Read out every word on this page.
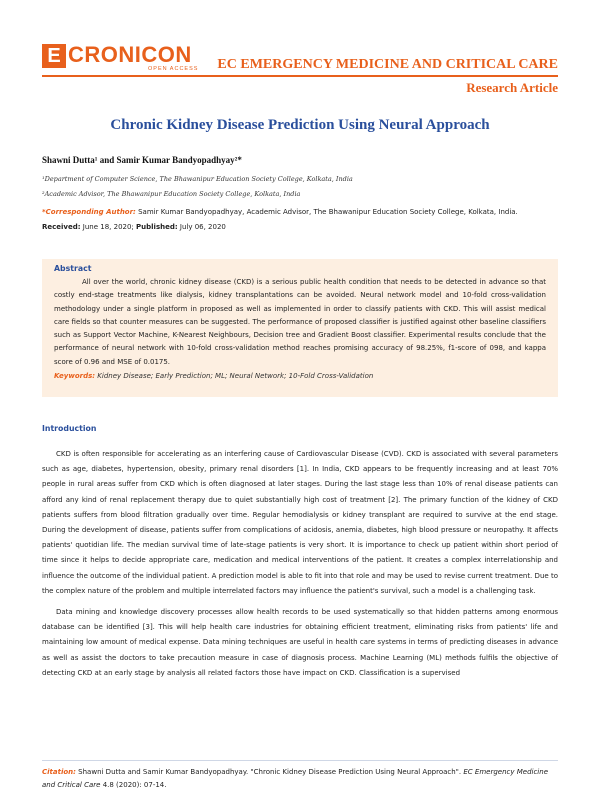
E CRONICON
OPEN ACCESS EC EMERGENCY MEDICINE AND CRITICAL CARE
Research Article
Chronic Kidney Disease Prediction Using Neural Approach
Shawni Dutta¹ and Samir Kumar Bandyopadhyay²*
¹Department of Computer Science, The Bhawanipur Education Society College, Kolkata, India
²Academic Advisor, The Bhawanipur Education Society College, Kolkata, India
*Corresponding Author: Samir Kumar Bandyopadhyay, Academic Advisor, The Bhawanipur Education Society College, Kolkata, India.
Received: June 18, 2020; Published: July 06, 2020
Abstract
All over the world, chronic kidney disease (CKD) is a serious public health condition that needs to be detected in advance so that costly end-stage treatments like dialysis, kidney transplantations can be avoided. Neural network model and 10-fold cross-validation methodology under a single platform in proposed as well as implemented in order to classify patients with CKD. This will assist medical care fields so that counter measures can be suggested. The performance of proposed classifier is justified against other baseline classifiers such as Support Vector Machine, K-Nearest Neighbours, Decision tree and Gradient Boost classifier. Experimental results conclude that the performance of neural network with 10-fold cross-validation method reaches promising accuracy of 98.25%, f1-score of 098, and kappa score of 0.96 and MSE of 0.0175.
Keywords: Kidney Disease; Early Prediction; ML; Neural Network; 10-Fold Cross-Validation
Introduction
CKD is often responsible for accelerating as an interfering cause of Cardiovascular Disease (CVD). CKD is associated with several parameters such as age, diabetes, hypertension, obesity, primary renal disorders [1]. In India, CKD appears to be frequently increasing and at least 70% people in rural areas suffer from CKD which is often diagnosed at later stages. During the last stage less than 10% of renal disease patients can afford any kind of renal replacement therapy due to quiet substantially high cost of treatment [2]. The primary function of the kidney of CKD patients suffers from blood filtration gradually over time. Regular hemodialysis or kidney transplant are required to survive at the end stage. During the development of disease, patients suffer from complications of acidosis, anemia, diabetes, high blood pressure or neuropathy. It affects patients' quotidian life. The median survival time of late-stage patients is very short. It is importance to check up patient within short period of time since it helps to decide appropriate care, medication and medical interventions of the patient. It creates a complex interrelationship and influence the outcome of the individual patient. A prediction model is able to fit into that role and may be used to revise current treatment. Due to the complex nature of the problem and multiple interrelated factors may influence the patient's survival, such a model is a challenging task.
Data mining and knowledge discovery processes allow health records to be used systematically so that hidden patterns among enormous database can be identified [3]. This will help health care industries for obtaining efficient treatment, eliminating risks from patients' life and maintaining low amount of medical expense. Data mining techniques are useful in health care systems in terms of predicting diseases in advance as well as assist the doctors to take precaution measure in case of diagnosis process. Machine Learning (ML) methods fulfils the objective of detecting CKD at an early stage by analysis all related factors those have impact on CKD. Classification is a supervised
Citation: Shawni Dutta and Samir Kumar Bandyopadhyay. "Chronic Kidney Disease Prediction Using Neural Approach". EC Emergency Medicine and Critical Care 4.8 (2020): 07-14.
